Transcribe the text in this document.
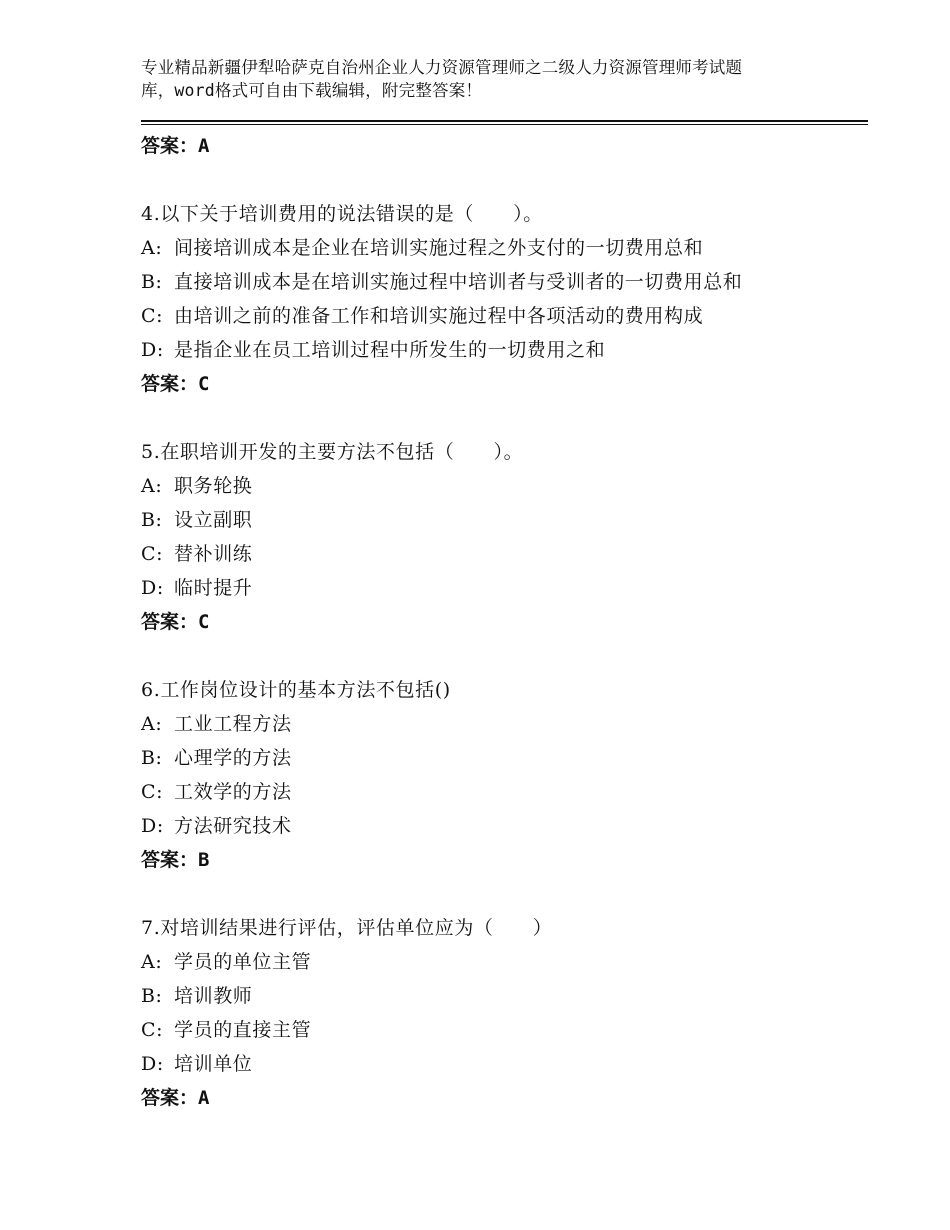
专业精品新疆伊犁哈萨克自治州企业人力资源管理师之二级人力资源管理师考试题
库，word格式可自由下载编辑，附完整答案！
答案：A
4.以下关于培训费用的说法错误的是（　　）。
A: 间接培训成本是企业在培训实施过程之外支付的一切费用总和
B: 直接培训成本是在培训实施过程中培训者与受训者的一切费用总和
C: 由培训之前的准备工作和培训实施过程中各项活动的费用构成
D: 是指企业在员工培训过程中所发生的一切费用之和
答案：C
5.在职培训开发的主要方法不包括（　　）。
A: 职务轮换
B: 设立副职
C: 替补训练
D: 临时提升
答案：C
6.工作岗位设计的基本方法不包括()
A: 工业工程方法
B: 心理学的方法
C: 工效学的方法
D: 方法研究技术
答案：B
7.对培训结果进行评估，评估单位应为（　　）
A: 学员的单位主管
B: 培训教师
C: 学员的直接主管
D: 培训单位
答案：A
